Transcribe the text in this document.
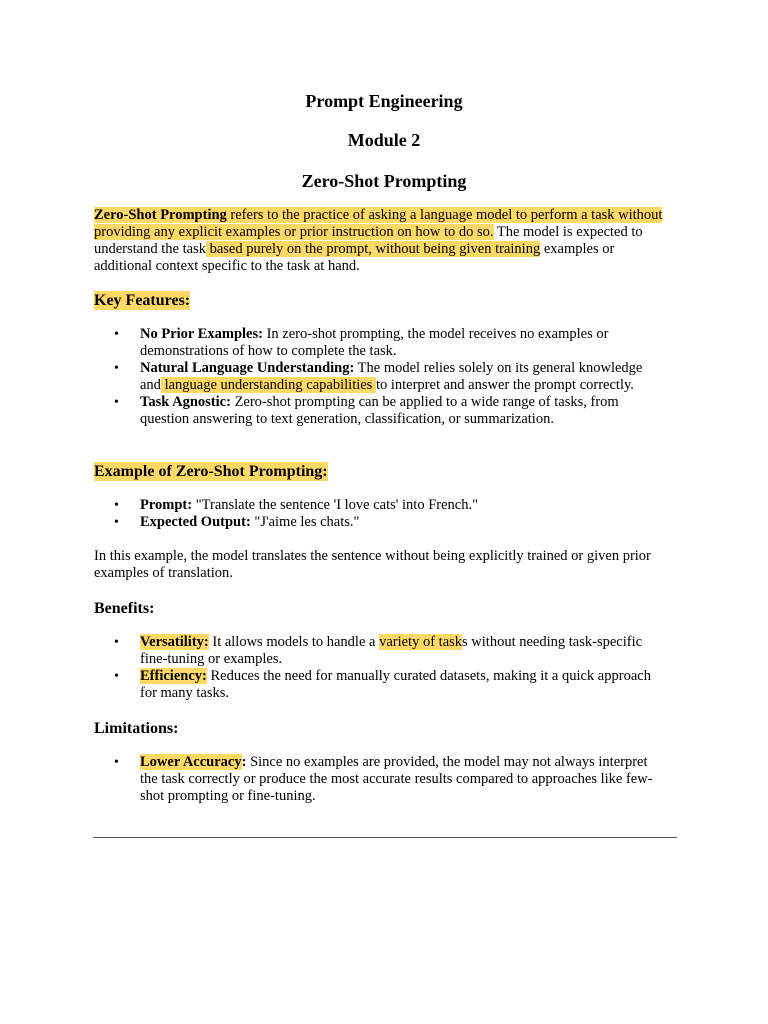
Prompt Engineering
Module 2
Zero-Shot Prompting

Zero-Shot Prompting refers to the practice of asking a language model to perform a task without providing any explicit examples or prior instruction on how to do so. The model is expected to understand the task based purely on the prompt, without being given training examples or additional context specific to the task at hand.

Key Features:
• No Prior Examples: In zero-shot prompting, the model receives no examples or demonstrations of how to complete the task.
• Natural Language Understanding: The model relies solely on its general knowledge and language understanding capabilities to interpret and answer the prompt correctly.
• Task Agnostic: Zero-shot prompting can be applied to a wide range of tasks, from question answering to text generation, classification, or summarization.
Example of Zero-Shot Prompting:
• Prompt: "Translate the sentence 'I love cats' into French."
• Expected Output: "J'aime les chats."

In this example, the model translates the sentence without being explicitly trained or given prior examples of translation.

Benefits:
• Versatility: It allows models to handle a variety of tasks without needing task-specific fine-tuning or examples.
• Efficiency: Reduces the need for manually curated datasets, making it a quick approach for many tasks.
Limitations:
• Lower Accuracy: Since no examples are provided, the model may not always interpret the task correctly or produce the most accurate results compared to approaches like few-shot prompting or fine-tuning.
